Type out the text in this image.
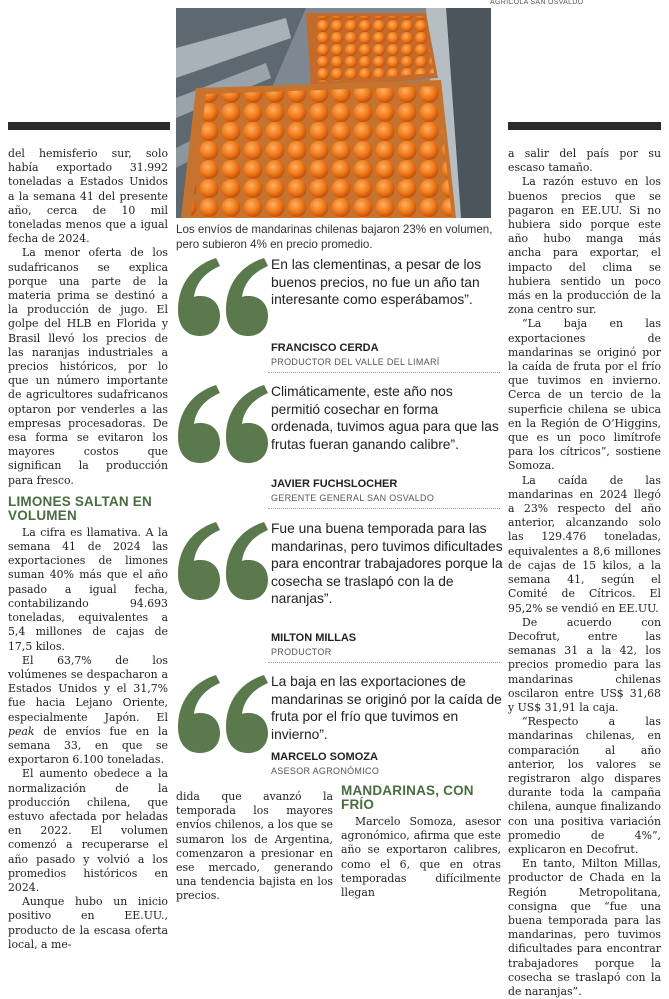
AGRÍCOLA SAN OSVALDO
Los envíos de mandarinas chilenas bajaron 23% en volumen, pero subieron 4% en precio promedio.

del hemisferio sur, solo había exportado 31.992 toneladas a Estados Unidos a la semana 41 del presente año, cerca de 10 mil toneladas menos que a igual fecha de 2024.

La menor oferta de los sudafricanos se explica porque una parte de la materia prima se destinó a la producción de jugo. El golpe del HLB en Florida y Brasil llevó los precios de las naranjas industriales a precios históricos, por lo que un número importante de agricultores sudafricanos optaron por venderles a las empresas procesadoras. De esa forma se evitaron los mayores costos que significan la producción para fresco.

LIMONES SALTAN EN VOLUMEN

La cifra es llamativa. A la semana 41 de 2024 las exportaciones de limones suman 40% más que el año pasado a igual fecha, contabilizando 94.693 toneladas, equivalentes a 5,4 millones de cajas de 17,5 kilos.

El 63,7% de los volúmenes se despacharon a Estados Unidos y el 31,7% fue hacia Lejano Oriente, especialmente Japón. El peak de envíos fue en la semana 33, en que se exportaron 6.100 toneladas.

El aumento obedece a la normalización de la producción chilena, que estuvo afectada por heladas en 2022. El volumen comenzó a recuperarse el año pasado y volvió a los promedios históricos en 2024.

Aunque hubo un inicio positivo en EE.UU., producto de la escasa oferta local, a me-

En las clementinas, a pesar de los buenos precios, no fue un año tan interesante como esperábamos”.
FRANCISCO CERDA
PRODUCTOR DEL VALLE DEL LIMARÍ
Climáticamente, este año nos permitió cosechar en forma ordenada, tuvimos agua para que las frutas fueran ganando calibre”.
JAVIER FUCHSLOCHER
GERENTE GENERAL SAN OSVALDO
Fue una buena temporada para las mandarinas, pero tuvimos dificultades para encontrar trabajadores porque la cosecha se traslapó con la de naranjas”.
MILTON MILLAS
PRODUCTOR
La baja en las exportaciones de mandarinas se originó por la caída de fruta por el frío que tuvimos en invierno”.
MARCELO SOMOZA
ASESOR AGRONÓMICO

dida que avanzó la temporada los mayores envíos chilenos, a los que se sumaron los de Argentina, comenzaron a presionar en ese mercado, generando una tendencia bajista en los precios.

MANDARINAS, CON FRÍO

Marcelo Somoza, asesor agronómico, afirma que este año se exportaron calibres, como el 6, que en otras temporadas difícilmente llegan

a salir del país por su escaso tamaño.

La razón estuvo en los buenos precios que se pagaron en EE.UU. Si no hubiera sido porque este año hubo manga más ancha para exportar, el impacto del clima se hubiera sentido un poco más en la producción de la zona centro sur.

“La baja en las exportaciones de mandarinas se originó por la caída de fruta por el frío que tuvimos en invierno. Cerca de un tercio de la superficie chilena se ubica en la Región de O’Higgins, que es un poco limítrofe para los cítricos”, sostiene Somoza.

La caída de las mandarinas en 2024 llegó a 23% respecto del año anterior, alcanzando solo las 129.476 toneladas, equivalentes a 8,6 millones de cajas de 15 kilos, a la semana 41, según el Comité de Cítricos. El 95,2% se vendió en EE.UU.

De acuerdo con Decofrut, entre las semanas 31 a la 42, los precios promedio para las mandarinas chilenas oscilaron entre US$ 31,68 y US$ 31,91 la caja.

“Respecto a las mandarinas chilenas, en comparación al año anterior, los valores se registraron algo dispares durante toda la campaña chilena, aunque finalizando con una positiva variación promedio de 4%”, explicaron en Decofrut.

En tanto, Milton Millas, productor de Chada en la Región Metropolitana, consigna que “fue una buena temporada para las mandarinas, pero tuvimos dificultades para encontrar trabajadores porque la cosecha se traslapó con la de naranjas”.
